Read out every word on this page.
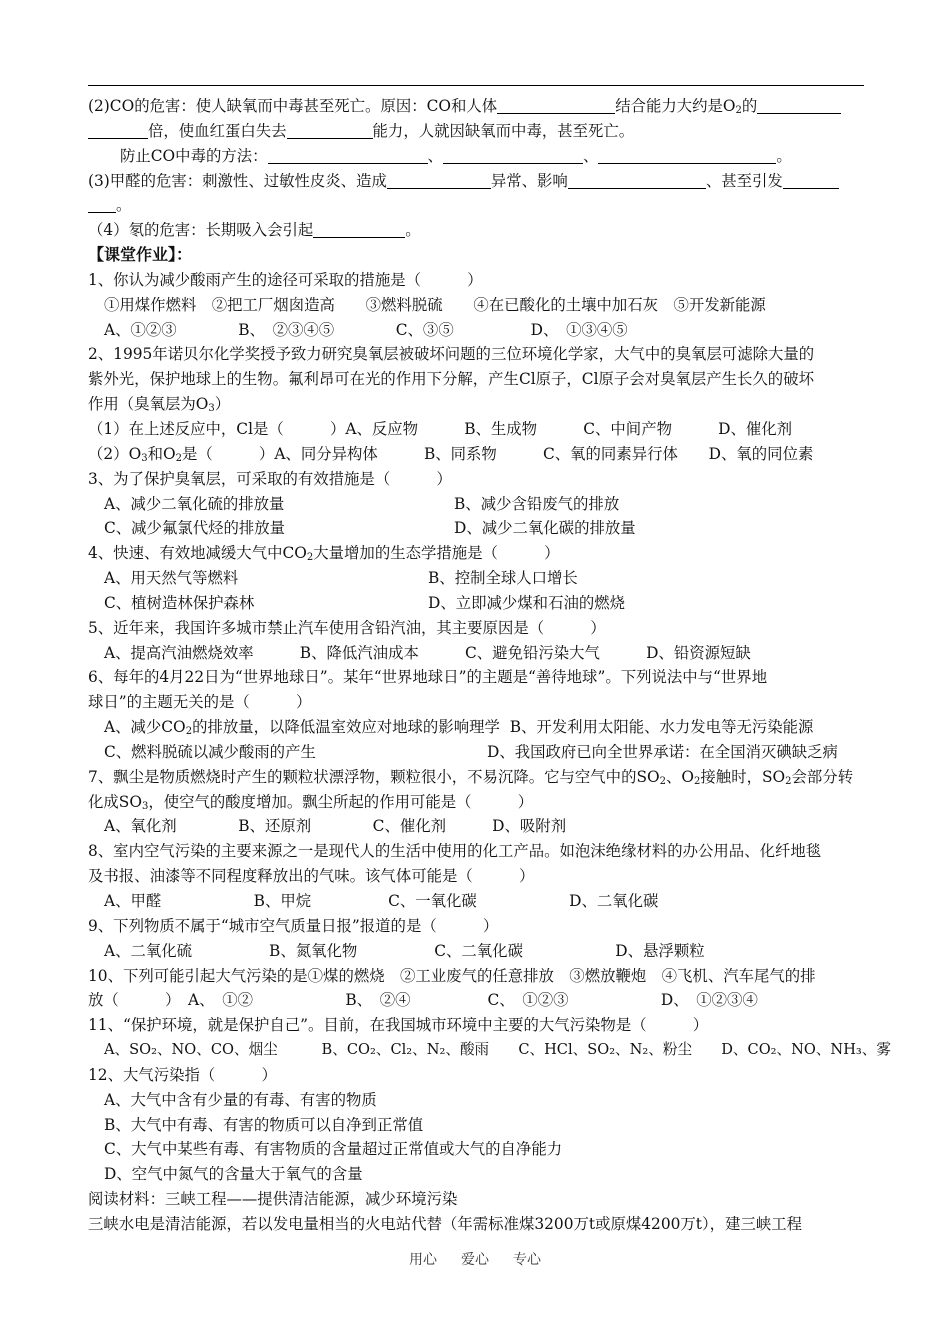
(2)CO的危害：使人缺氧而中毒甚至死亡。原因：CO和人体	结合能力大约是$O_2$的
倍，使血红蛋白失去	能力，人就因缺氧而中毒，甚至死亡。
防止CO中毒的方法：	、	、	。
(3)甲醛的危害：刺激性、过敏性皮炎、造成	异常、影响	、甚至引发
。
（4）氡的危害：长期吸入会引起	。
【课堂作业】：
1、你认为减少酸雨产生的途径可采取的措施是（　　　）
①用煤作燃料　②把工厂烟囱造高　　③燃料脱硫　　④在已酸化的土壤中加石灰　⑤开发新能源
A、①②③　　　　B、　②③④⑤　　　　C、③⑤　　　　　D、　①③④⑤
2、1995年诺贝尔化学奖授予致力研究臭氧层被破坏问题的三位环境化学家，大气中的臭氧层可滤除大量的
紫外光，保护地球上的生物。氟利昂可在光的作用下分解，产生Cl原子，Cl原子会对臭氧层产生长久的破坏
作用（臭氧层为$O_3$）
（1）在上述反应中，Cl是（　　　）A、反应物　　　B、生成物　　　C、中间产物　　　D、催化剂
$(2)O_3$和$O_2$是（　　　）A、同分异构体　　　B、同系物　　　C、氧的同素异行体　　D、氧的同位素
3、为了保护臭氧层，可采取的有效措施是（　　　）
A、减少二氧化硫的排放量	B、减少含铅废气的排放
C、减少氟氯代烃的排放量	D、减少二氧化碳的排放量
4、快速、有效地减缓大气中$CO_2$大量增加的生态学措施是（　　　）
A、用天然气等燃料	B、控制全球人口增长
C、植树造林保护森林	D、立即减少煤和石油的燃烧
5、近年来，我国许多城市禁止汽车使用含铅汽油，其主要原因是（　　　）
A、提高汽油燃烧效率　　　B、降低汽油成本　　　C、避免铅污染大气　　　D、铅资源短缺
6、每年的4月22日为“世界地球日”。某年“世界地球日”的主题是“善待地球”。下列说法中与“世界地
球日”的主题无关的是（　　　）
A、减少$CO_2$的排放量，以降低温室效应对地球的影响理学 B、开发利用太阳能、水力发电等无污染能源
C、燃料脱硫以减少酸雨的产生	D、我国政府已向全世界承诺：在全国消灭碘缺乏病
7、飘尘是物质燃烧时产生的颗粒状漂浮物，颗粒很小，不易沉降。它与空气中的$SO_2$、$O_2$接触时，$SO_2$会部分转
化成$SO_3$，使空气的酸度增加。飘尘所起的作用可能是（　　　）
A、氧化剂　　　　B、还原剂　　　　C、催化剂　　　D、吸附剂
8、室内空气污染的主要来源之一是现代人的生活中使用的化工产品。如泡沫绝缘材料的办公用品、化纤地毯
及书报、油漆等不同程度释放出的气味。该气体可能是（　　　）
A、甲醛　　　　　　B、甲烷　　　　　C、一氧化碳　　　　　　D、二氧化碳
9、下列物质不属于“城市空气质量日报”报道的是（　　　）
A、二氧化硫　　　　　B、氮氧化物　　　　　C、二氧化碳　　　　　　D、悬浮颗粒
10、下列可能引起大气污染的是①煤的燃烧　②工业废气的任意排放　③燃放鞭炮　④飞机、汽车尾气的排
放（　　　）　A、　①②　　　　　　B、　②④　　　　　C、　①②③　　　　　　D、　①②③④
11、“保护环境，就是保护自己”。目前，在我国城市环境中主要的大气污染物是（　　　）
A、SO₂、NO、CO、烟尘　　　B、CO₂、Cl₂、N₂、酸雨　　C、HCl、SO₂、N₂、粉尘　　D、CO₂、NO、NH₃、雾
12、大气污染指（　　　）
A、大气中含有少量的有毒、有害的物质
B、大气中有毒、有害的物质可以自净到正常值
C、大气中某些有毒、有害物质的含量超过正常值或大气的自净能力
D、空气中氮气的含量大于氧气的含量
阅读材料：三峡工程——提供清洁能源，减少环境污染
三峡水电是清洁能源，若以发电量相当的火电站代替（年需标准煤3200万t或原煤4200万t），建三峡工程
用心 爱心 专心
